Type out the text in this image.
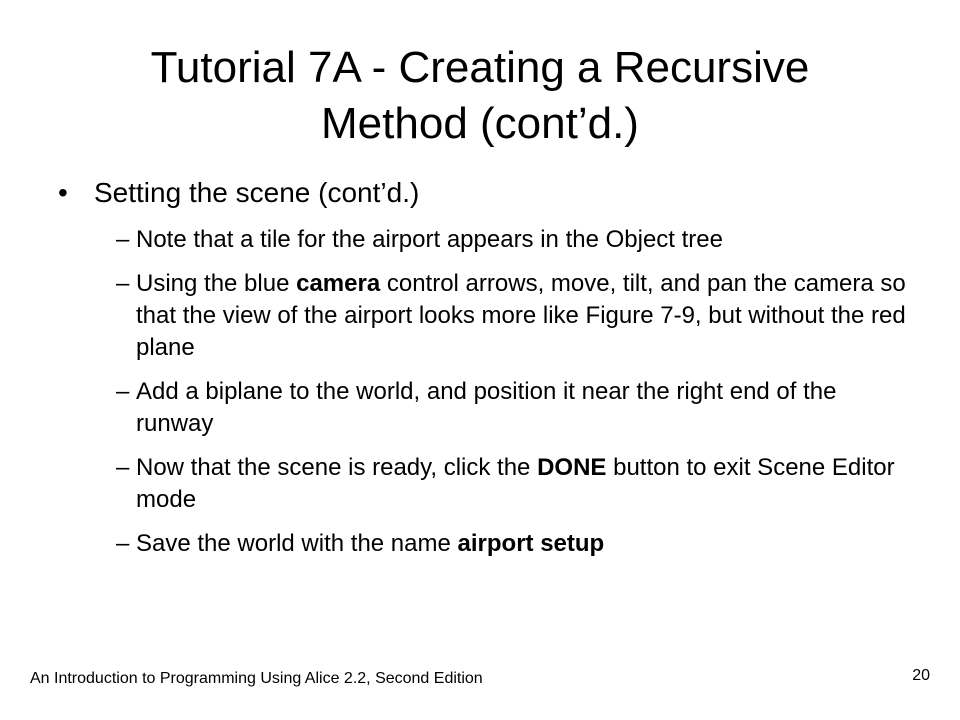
Tutorial 7A - Creating a Recursive
Method (cont’d.)
• Setting the scene (cont’d.)
– Note that a tile for the airport appears in the Object tree
– Using the blue camera control arrows, move, tilt, and pan the camera so that the view of the airport looks more like Figure 7-9, but without the red plane
– Add a biplane to the world, and position it near the right end of the runway
– Now that the scene is ready, click the DONE button to exit Scene Editor mode
– Save the world with the name airport setup
An Introduction to Programming Using Alice 2.2, Second Edition	20
